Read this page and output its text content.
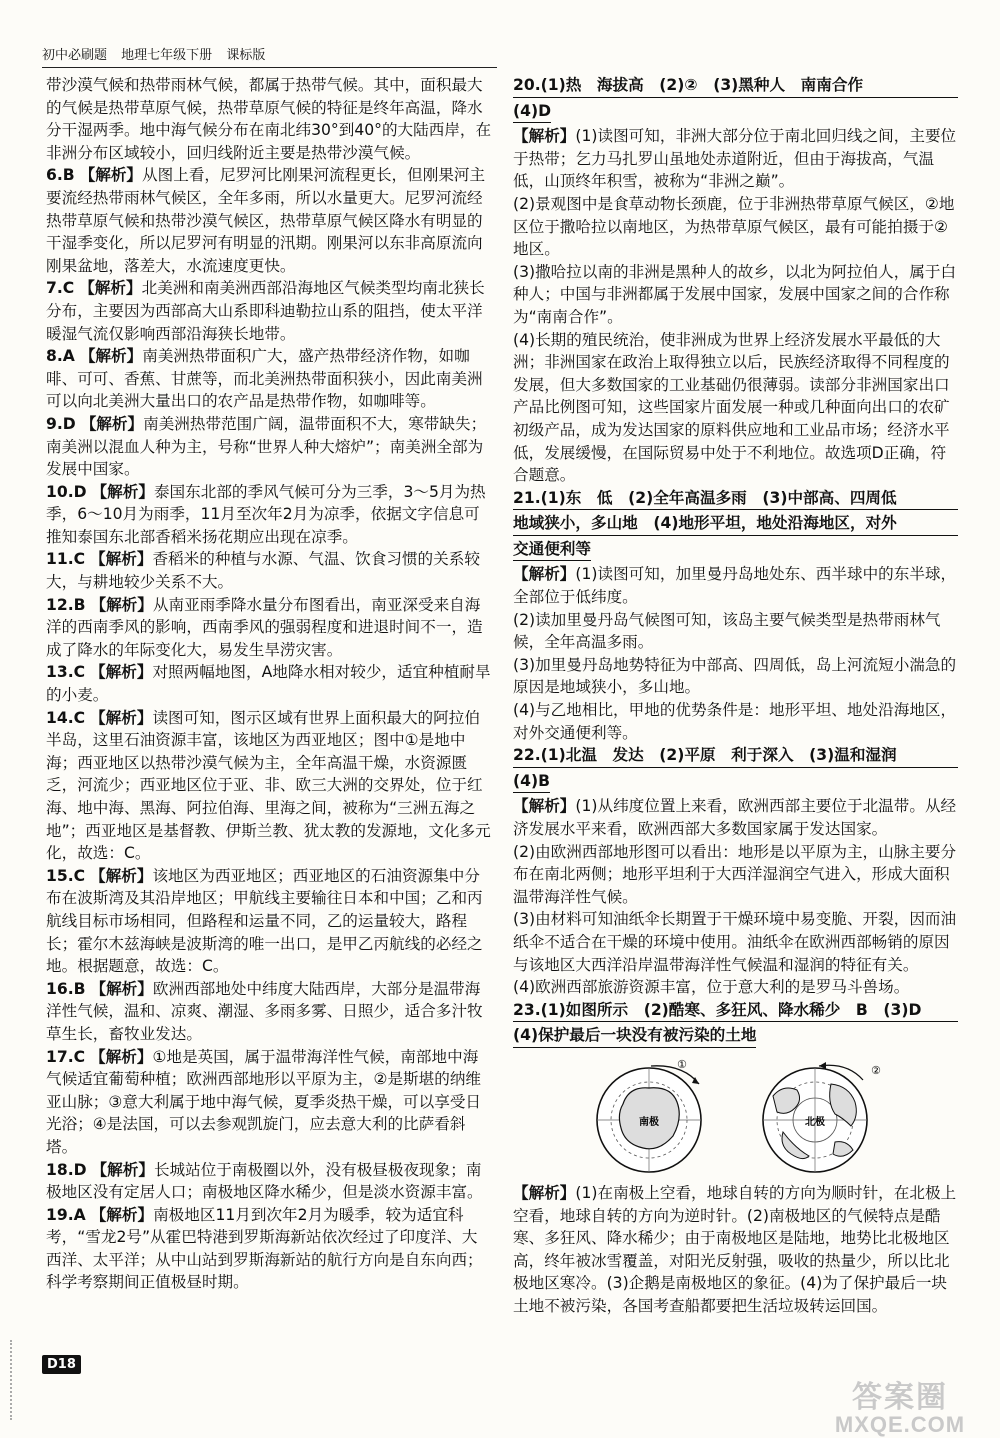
初中必刷题 地理七年级下册 课标版

带沙漠气候和热带雨林气候，都属于热带气候。其中，面积最大的气候是热带草原气候，热带草原气候的特征是终年高温，降水分干湿两季。地中海气候分布在南北纬30°到40°的大陆西岸，在非洲分布区域较小，回归线附近主要是热带沙漠气候。

6.B 【解析】从图上看，尼罗河比刚果河流程更长，但刚果河主要流经热带雨林气候区，全年多雨，所以水量更大。尼罗河流经热带草原气候和热带沙漠气候区，热带草原气候区降水有明显的干湿季变化，所以尼罗河有明显的汛期。刚果河以东非高原流向刚果盆地，落差大，水流速度更快。

7.C 【解析】北美洲和南美洲西部沿海地区气候类型均南北狭长分布，主要因为西部高大山系即科迪勒拉山系的阻挡，使太平洋暖湿气流仅影响西部沿海狭长地带。

8.A 【解析】南美洲热带面积广大，盛产热带经济作物，如咖啡、可可、香蕉、甘蔗等，而北美洲热带面积狭小，因此南美洲可以向北美洲大量出口的农产品是热带作物，如咖啡等。

9.D 【解析】南美洲热带范围广阔，温带面积不大，寒带缺失；南美洲以混血人种为主，号称“世界人种大熔炉”；南美洲全部为发展中国家。

10.D 【解析】泰国东北部的季风气候可分为三季，3～5月为热季，6～10月为雨季，11月至次年2月为凉季，依据文字信息可推知泰国东北部香稻米扬花期应出现在凉季。

11.C 【解析】香稻米的种植与水源、气温、饮食习惯的关系较大，与耕地较少关系不大。

12.B 【解析】从南亚雨季降水量分布图看出，南亚深受来自海洋的西南季风的影响，西南季风的强弱程度和进退时间不一，造成了降水的年际变化大，易发生旱涝灾害。

13.C 【解析】对照两幅地图，A地降水相对较少，适宜种植耐旱的小麦。

14.C 【解析】读图可知，图示区域有世界上面积最大的阿拉伯半岛，这里石油资源丰富，该地区为西亚地区；图中①是地中海；西亚地区以热带沙漠气候为主，全年高温干燥，水资源匮乏，河流少；西亚地区位于亚、非、欧三大洲的交界处，位于红海、地中海、黑海、阿拉伯海、里海之间，被称为“三洲五海之地”；西亚地区是基督教、伊斯兰教、犹太教的发源地，文化多元化，故选：C。

15.C 【解析】该地区为西亚地区；西亚地区的石油资源集中分布在波斯湾及其沿岸地区；甲航线主要输往日本和中国；乙和丙航线目标市场相同，但路程和运量不同，乙的运量较大，路程长；霍尔木兹海峡是波斯湾的唯一出口，是甲乙丙航线的必经之地。根据题意，故选：C。

16.B 【解析】欧洲西部地处中纬度大陆西岸，大部分是温带海洋性气候，温和、凉爽、潮湿、多雨多雾、日照少，适合多汁牧草生长，畜牧业发达。

17.C 【解析】①地是英国，属于温带海洋性气候，南部地中海气候适宜葡萄种植；欧洲西部地形以平原为主，②是斯堪的纳维亚山脉；③意大利属于地中海气候，夏季炎热干燥，可以享受日光浴；④是法国，可以去参观凯旋门，应去意大利的比萨看斜塔。

18.D 【解析】长城站位于南极圈以外，没有极昼极夜现象；南极地区没有定居人口；南极地区降水稀少，但是淡水资源丰富。

19.A 【解析】南极地区11月到次年2月为暖季，较为适宜科考，“雪龙2号”从霍巴特港到罗斯海新站依次经过了印度洋、大西洋、太平洋；从中山站到罗斯海新站的航行方向是自东向西；科学考察期间正值极昼时期。

20.(1)热　海拔高　(2)②　(3)黑种人　南南合作
(4)D

【解析】(1)读图可知，非洲大部分位于南北回归线之间，主要位于热带；乞力马扎罗山虽地处赤道附近，但由于海拔高，气温低，山顶终年积雪，被称为“非洲之巅”。

(2)景观图中是食草动物长颈鹿，位于非洲热带草原气候区，②地区位于撒哈拉以南地区，为热带草原气候区，最有可能拍摄于②地区。

(3)撒哈拉以南的非洲是黑种人的故乡，以北为阿拉伯人，属于白种人；中国与非洲都属于发展中国家，发展中国家之间的合作称为“南南合作”。

(4)长期的殖民统治，使非洲成为世界上经济发展水平最低的大洲；非洲国家在政治上取得独立以后，民族经济取得不同程度的发展，但大多数国家的工业基础仍很薄弱。读部分非洲国家出口产品比例图可知，这些国家片面发展一种或几种面向出口的农矿初级产品，成为发达国家的原料供应地和工业品市场；经济水平低，发展缓慢，在国际贸易中处于不利地位。故选项D正确，符合题意。

21.(1)东　低　(2)全年高温多雨　(3)中部高、四周低
地域狭小，多山地　(4)地形平坦，地处沿海地区，对外
交通便利等

【解析】(1)读图可知，加里曼丹岛地处东、西半球中的东半球，全部位于低纬度。

(2)读加里曼丹岛气候图可知，该岛主要气候类型是热带雨林气候，全年高温多雨。

(3)加里曼丹岛地势特征为中部高、四周低，岛上河流短小湍急的原因是地域狭小，多山地。

(4)与乙地相比，甲地的优势条件是：地形平坦、地处沿海地区，对外交通便利等。

22.(1)北温　发达　(2)平原　利于深入　(3)温和湿润
(4)B

【解析】(1)从纬度位置上来看，欧洲西部主要位于北温带。从经济发展水平来看，欧洲西部大多数国家属于发达国家。

(2)由欧洲西部地形图可以看出：地形是以平原为主，山脉主要分布在南北两侧；地形平坦利于大西洋湿润空气进入，形成大面积温带海洋性气候。

(3)由材料可知油纸伞长期置于干燥环境中易变脆、开裂，因而油纸伞不适合在干燥的环境中使用。油纸伞在欧洲西部畅销的原因与该地区大西洋沿岸温带海洋性气候温和湿润的特征有关。

(4)欧洲西部旅游资源丰富，位于意大利的是罗马斗兽场。

23.(1)如图所示　(2)酷寒、多狂风、降水稀少　B　(3)D
(4)保护最后一块没有被污染的土地
南极
①
北极
②

【解析】(1)在南极上空看，地球自转的方向为顺时针，在北极上空看，地球自转的方向为逆时针。(2)南极地区的气候特点是酷寒、多狂风、降水稀少；由于南极地区是陆地，地势比北极地区高，终年被冰雪覆盖，对阳光反射强，吸收的热量少，所以比北极地区寒冷。(3)企鹅是南极地区的象征。(4)为了保护最后一块土地不被污染，各国考查船都要把生活垃圾转运回国。

D18
答案圈
MXQE.COM
